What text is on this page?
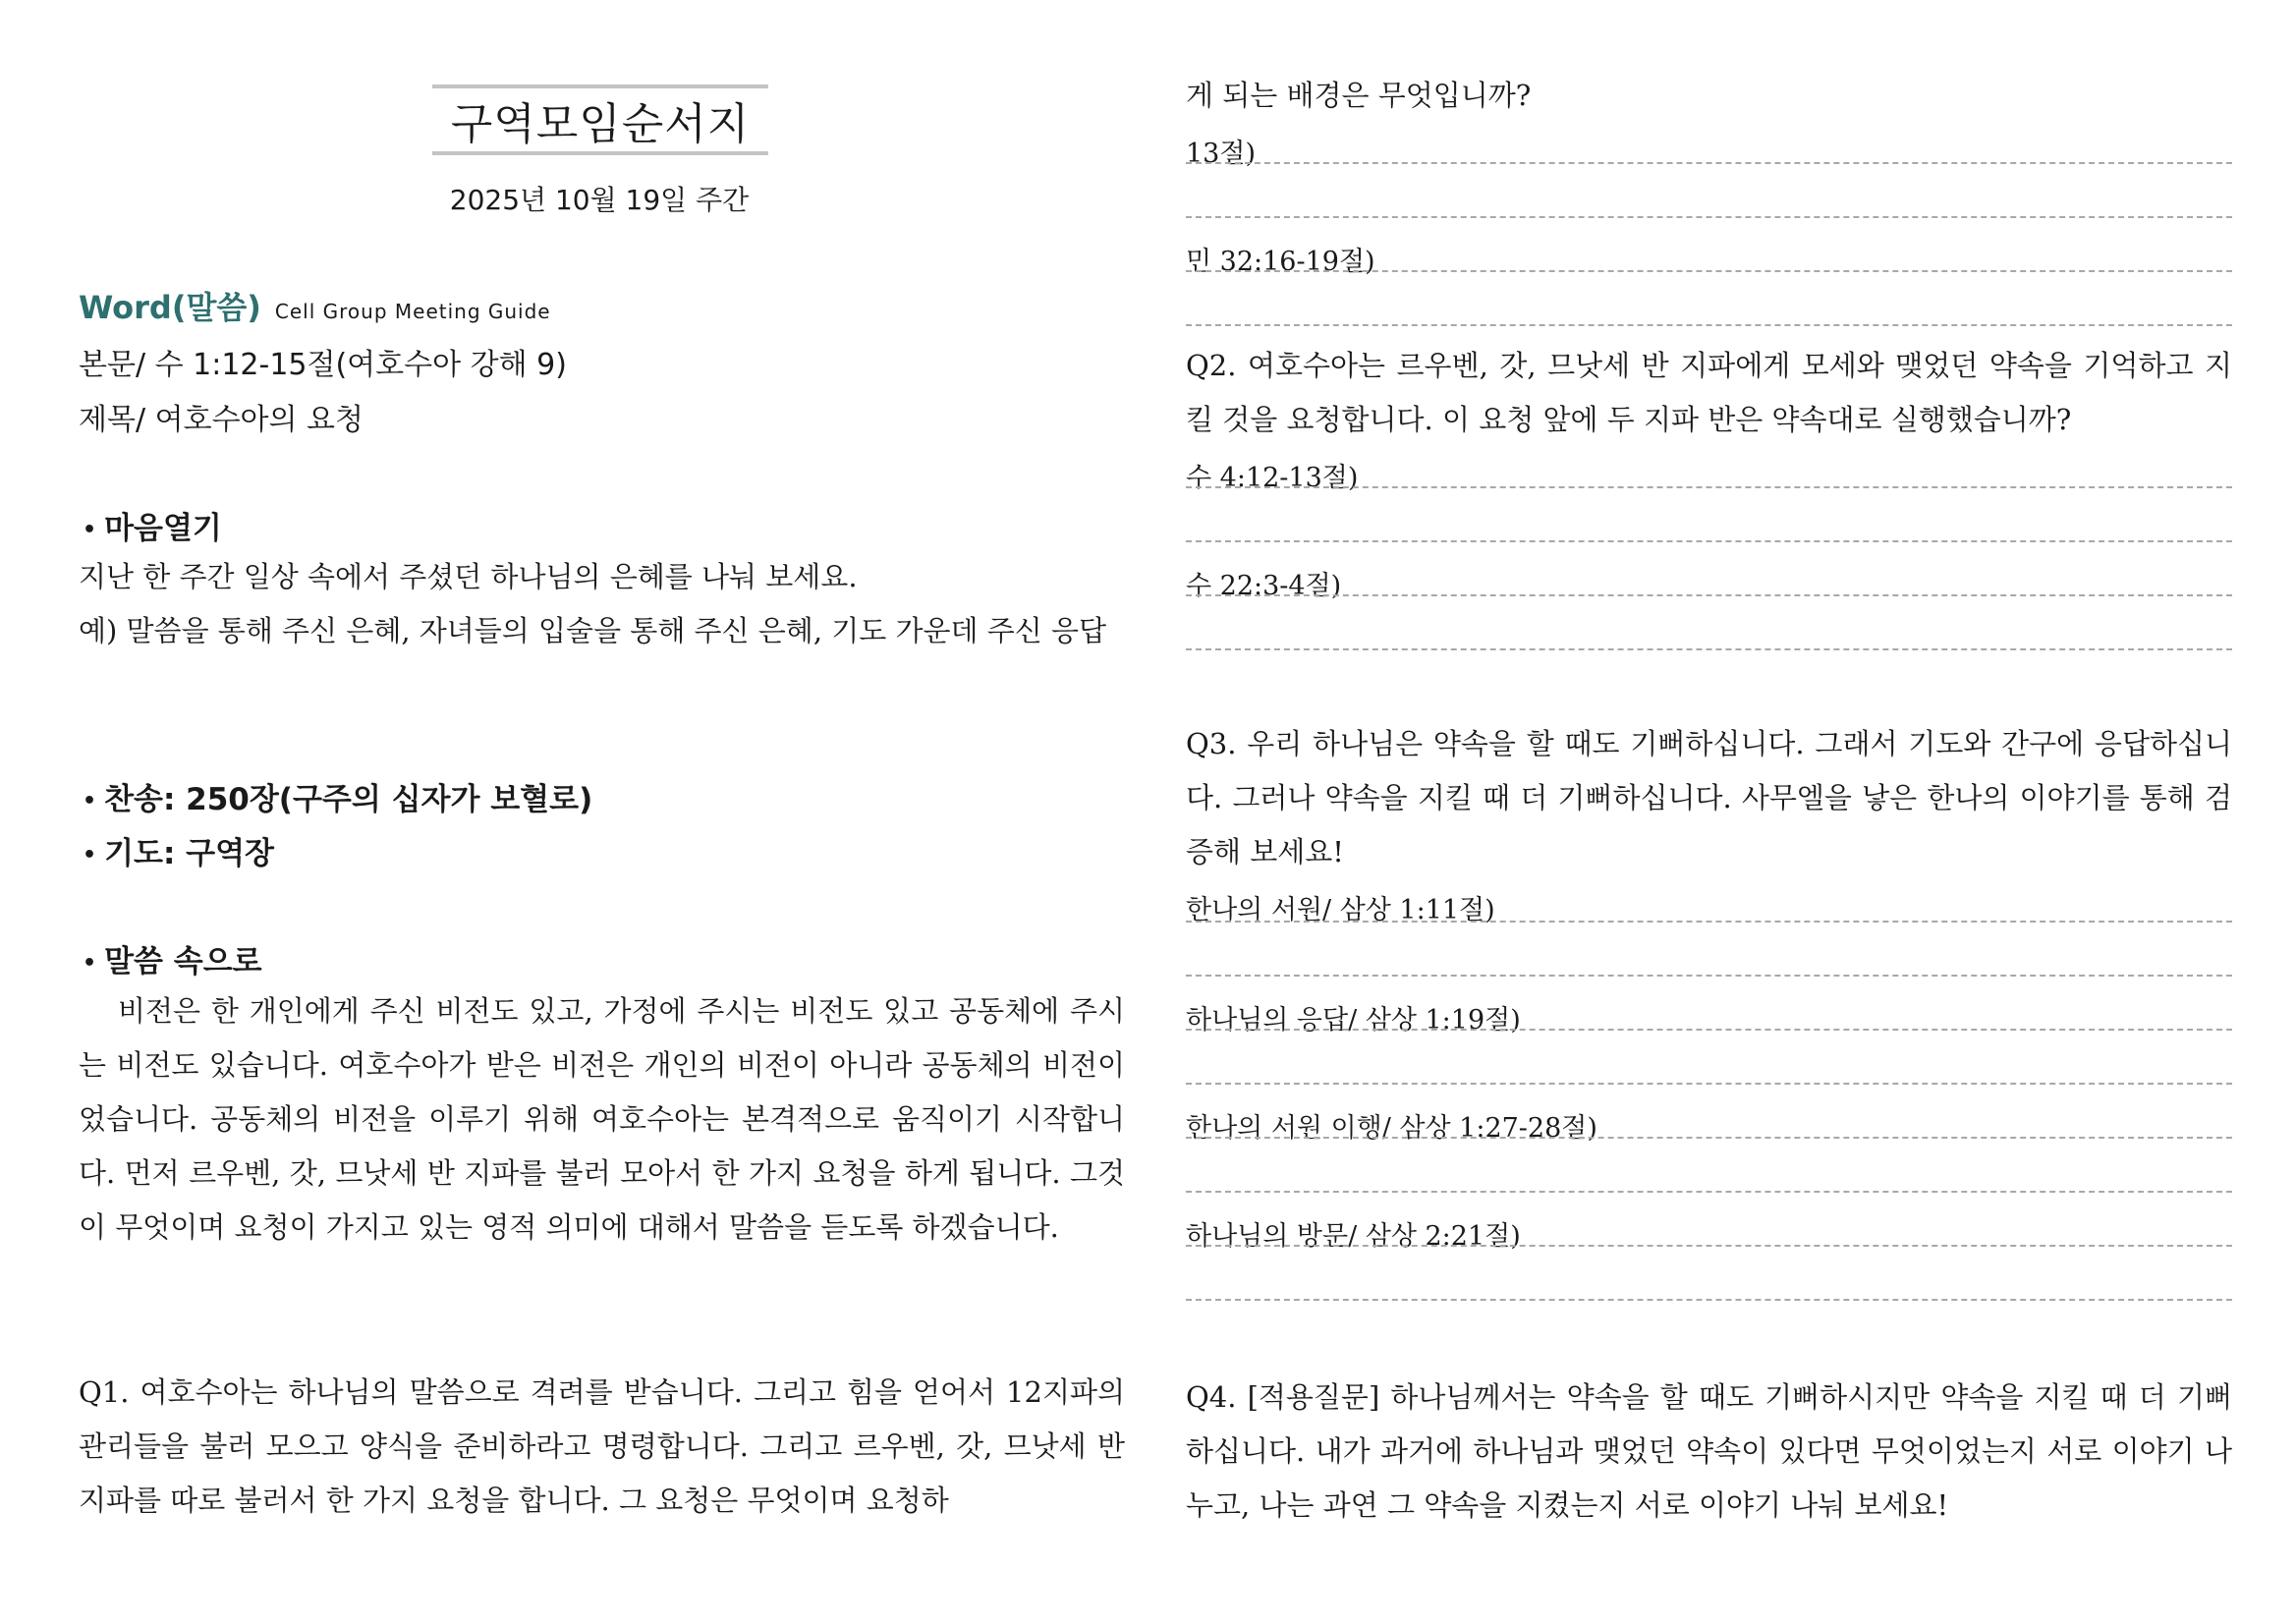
구역모임순서지
2025년 10월 19일 주간
Word(말씀) Cell Group Meeting Guide
본문/ 수 1:12-15절(여호수아 강해 9)
제목/ 여호수아의 요청
• 마음열기
지난 한 주간 일상 속에서 주셨던 하나님의 은혜를 나눠 보세요.
예) 말씀을 통해 주신 은혜, 자녀들의 입술을 통해 주신 은혜, 기도 가운데 주신 응답
• 찬송: 250장(구주의 십자가 보혈로)
• 기도: 구역장
• 말씀 속으로
비전은 한 개인에게 주신 비전도 있고, 가정에 주시는 비전도 있고 공동체에 주시는 비전도 있습니다. 여호수아가 받은 비전은 개인의 비전이 아니라 공동체의 비전이었습니다. 공동체의 비전을 이루기 위해 여호수아는 본격적으로 움직이기 시작합니다. 먼저 르우벤, 갓, 므낫세 반 지파를 불러 모아서 한 가지 요청을 하게 됩니다. 그것이 무엇이며 요청이 가지고 있는 영적 의미에 대해서 말씀을 듣도록 하겠습니다.
Q1. 여호수아는 하나님의 말씀으로 격려를 받습니다. 그리고 힘을 얻어서 12지파의 관리들을 불러 모으고 양식을 준비하라고 명령합니다. 그리고 르우벤, 갓, 므낫세 반 지파를 따로 불러서 한 가지 요청을 합니다. 그 요청은 무엇이며 요청하
게 되는 배경은 무엇입니까?
13절)
민 32:16-19절)
Q2. 여호수아는 르우벤, 갓, 므낫세 반 지파에게 모세와 맺었던 약속을 기억하고 지킬 것을 요청합니다. 이 요청 앞에 두 지파 반은 약속대로 실행했습니까?
수 4:12-13절)
수 22:3-4절)
Q3. 우리 하나님은 약속을 할 때도 기뻐하십니다. 그래서 기도와 간구에 응답하십니다. 그러나 약속을 지킬 때 더 기뻐하십니다. 사무엘을 낳은 한나의 이야기를 통해 검증해 보세요!
한나의 서원/ 삼상 1:11절)
하나님의 응답/ 삼상 1:19절)
한나의 서원 이행/ 삼상 1:27-28절)
하나님의 방문/ 삼상 2:21절)
Q4. [적용질문] 하나님께서는 약속을 할 때도 기뻐하시지만 약속을 지킬 때 더 기뻐하십니다. 내가 과거에 하나님과 맺었던 약속이 있다면 무엇이었는지 서로 이야기 나누고, 나는 과연 그 약속을 지켰는지 서로 이야기 나눠 보세요!
